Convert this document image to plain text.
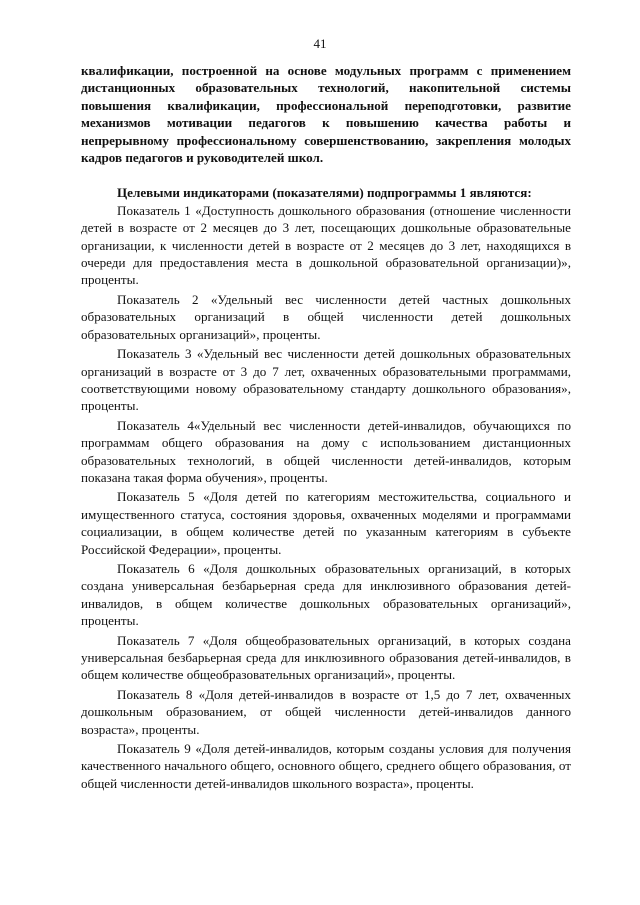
41

квалификации, построенной на основе модульных программ с применением дистанционных образовательных технологий, накопительной системы повышения квалификации, профессиональной переподготовки, развитие механизмов мотивации педагогов к повышению качества работы и непрерывному профессиональному совершенствованию, закрепления молодых кадров педагогов и руководителей школ.

Целевыми индикаторами (показателями) подпрограммы 1 являются:

Показатель 1 «Доступность дошкольного образования (отношение численности детей в возрасте от 2 месяцев до 3 лет, посещающих дошкольные образовательные организации, к численности детей в возрасте от 2 месяцев до 3 лет, находящихся в очереди для предоставления места в дошкольной образовательной организации)», проценты.

Показатель 2 «Удельный вес численности детей частных дошкольных образовательных организаций в общей численности детей дошкольных образовательных организаций», проценты.

Показатель 3 «Удельный вес численности детей дошкольных образовательных организаций в возрасте от 3 до 7 лет, охваченных образовательными программами, соответствующими новому образовательному стандарту дошкольного образования», проценты.

Показатель 4«Удельный вес численности детей-инвалидов, обучающихся по программам общего образования на дому с использованием дистанционных образовательных технологий, в общей численности детей-инвалидов, которым показана такая форма обучения», проценты.

Показатель 5 «Доля детей по категориям местожительства, социального и имущественного статуса, состояния здоровья, охваченных моделями и программами социализации, в общем количестве детей по указанным категориям в субъекте Российской Федерации», проценты.

Показатель 6 «Доля дошкольных образовательных организаций, в которых создана универсальная безбарьерная среда для инклюзивного образования детей-инвалидов, в общем количестве дошкольных образовательных организаций», проценты.

Показатель 7 «Доля общеобразовательных организаций, в которых создана универсальная безбарьерная среда для инклюзивного образования детей-инвалидов, в общем количестве общеобразовательных организаций», проценты.

Показатель 8 «Доля детей-инвалидов в возрасте от 1,5 до 7 лет, охваченных дошкольным образованием, от общей численности детей-инвалидов данного возраста», проценты.

Показатель 9 «Доля детей-инвалидов, которым созданы условия для получения качественного начального общего, основного общего, среднего общего образования, от общей численности детей-инвалидов школьного возраста», проценты.
